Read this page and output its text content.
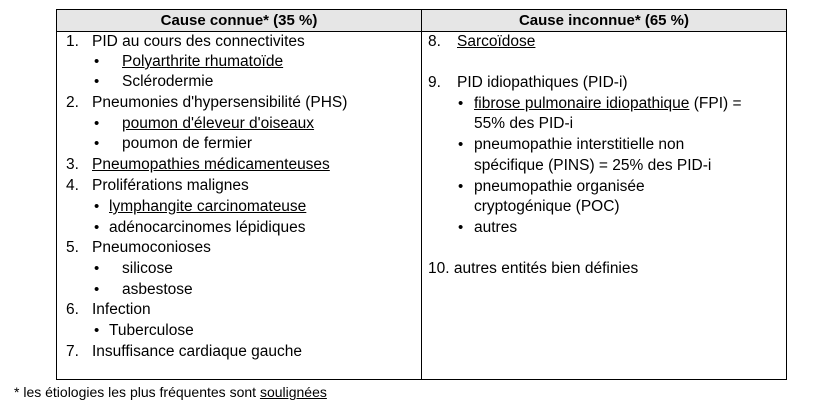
Cause connue* (35 %)	Cause inconnue* (65 %)
1. PID au cours des connectivites
• Polyarthrite rhumatoïde
• Sclérodermie
2. Pneumonies d'hypersensibilité (PHS)
• poumon d'éleveur d'oiseaux
• poumon de fermier
3. Pneumopathies médicamenteuses
4. Proliférations malignes
• lymphangite carcinomateuse
• adénocarcinomes lépidiques
5. Pneumoconioses
• silicose
• asbestose
6. Infection
• Tuberculose
7. Insuffisance cardiaque gauche
8. Sarcoïdose
9. PID idiopathiques (PID-i)
• fibrose pulmonaire idiopathique (FPI) =
55% des PID-i
• pneumopathie interstitielle non
spécifique (PINS) = 25% des PID-i
• pneumopathie organisée
cryptogénique (POC)
• autres
10. autres entités bien définies
* les étiologies les plus fréquentes sont soulignées
